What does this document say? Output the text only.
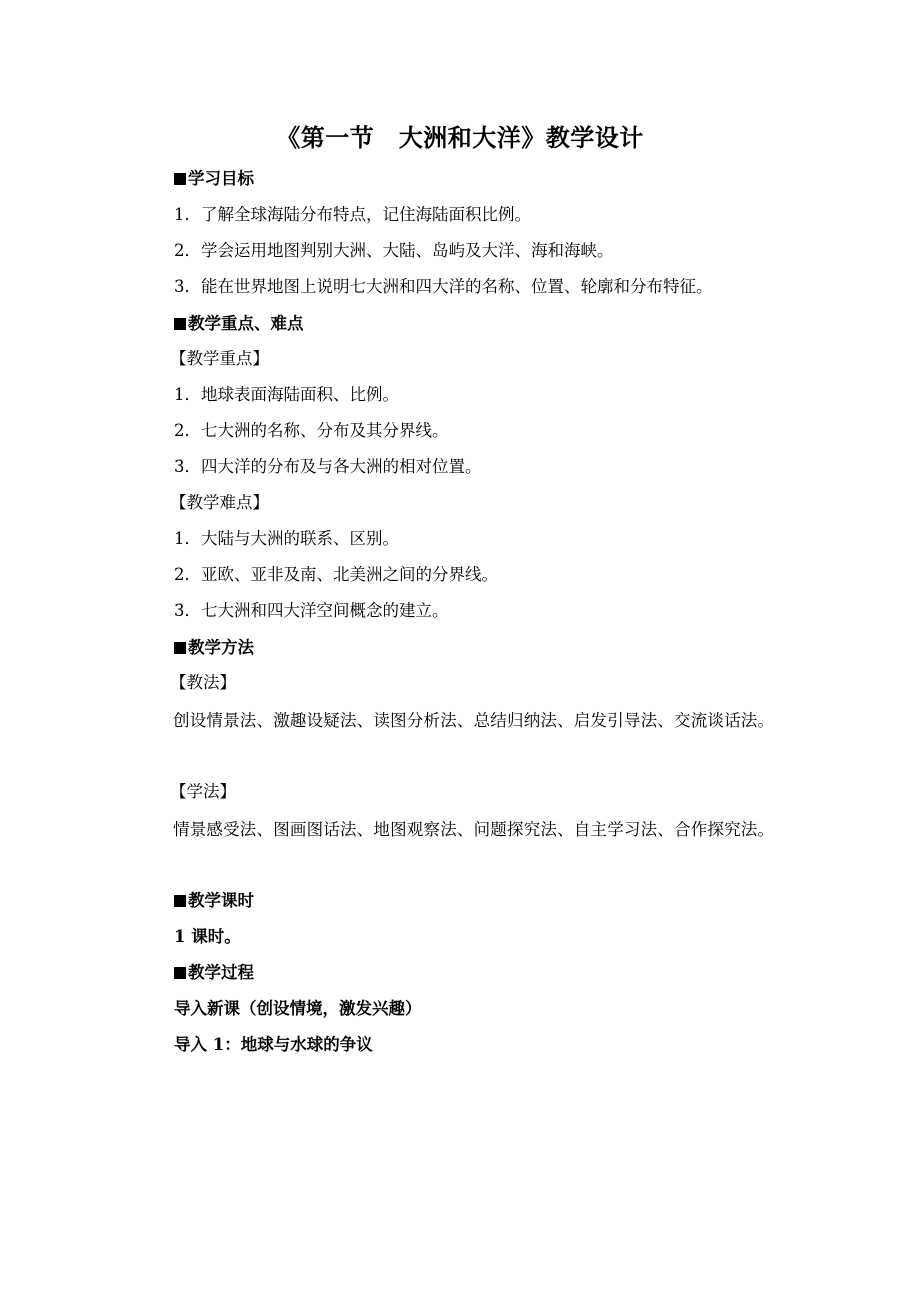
《第一节　大洲和大洋》教学设计
学习目标
1．了解全球海陆分布特点，记住海陆面积比例。
2．学会运用地图判别大洲、大陆、岛屿及大洋、海和海峡。
3．能在世界地图上说明七大洲和四大洋的名称、位置、轮廓和分布特征。
教学重点、难点
【教学重点】
1．地球表面海陆面积、比例。
2．七大洲的名称、分布及其分界线。
3．四大洋的分布及与各大洲的相对位置。
【教学难点】
1．大陆与大洲的联系、区别。
2．亚欧、亚非及南、北美洲之间的分界线。
3．七大洲和四大洋空间概念的建立。
教学方法
【教法】
创设情景法、激趣设疑法、读图分析法、总结归纳法、启发引导法、交流谈话法。
【学法】
情景感受法、图画图话法、地图观察法、问题探究法、自主学习法、合作探究法。
教学课时
1 课时。
教学过程
导入新课（创设情境，激发兴趣）
导入 1：地球与水球的争议
